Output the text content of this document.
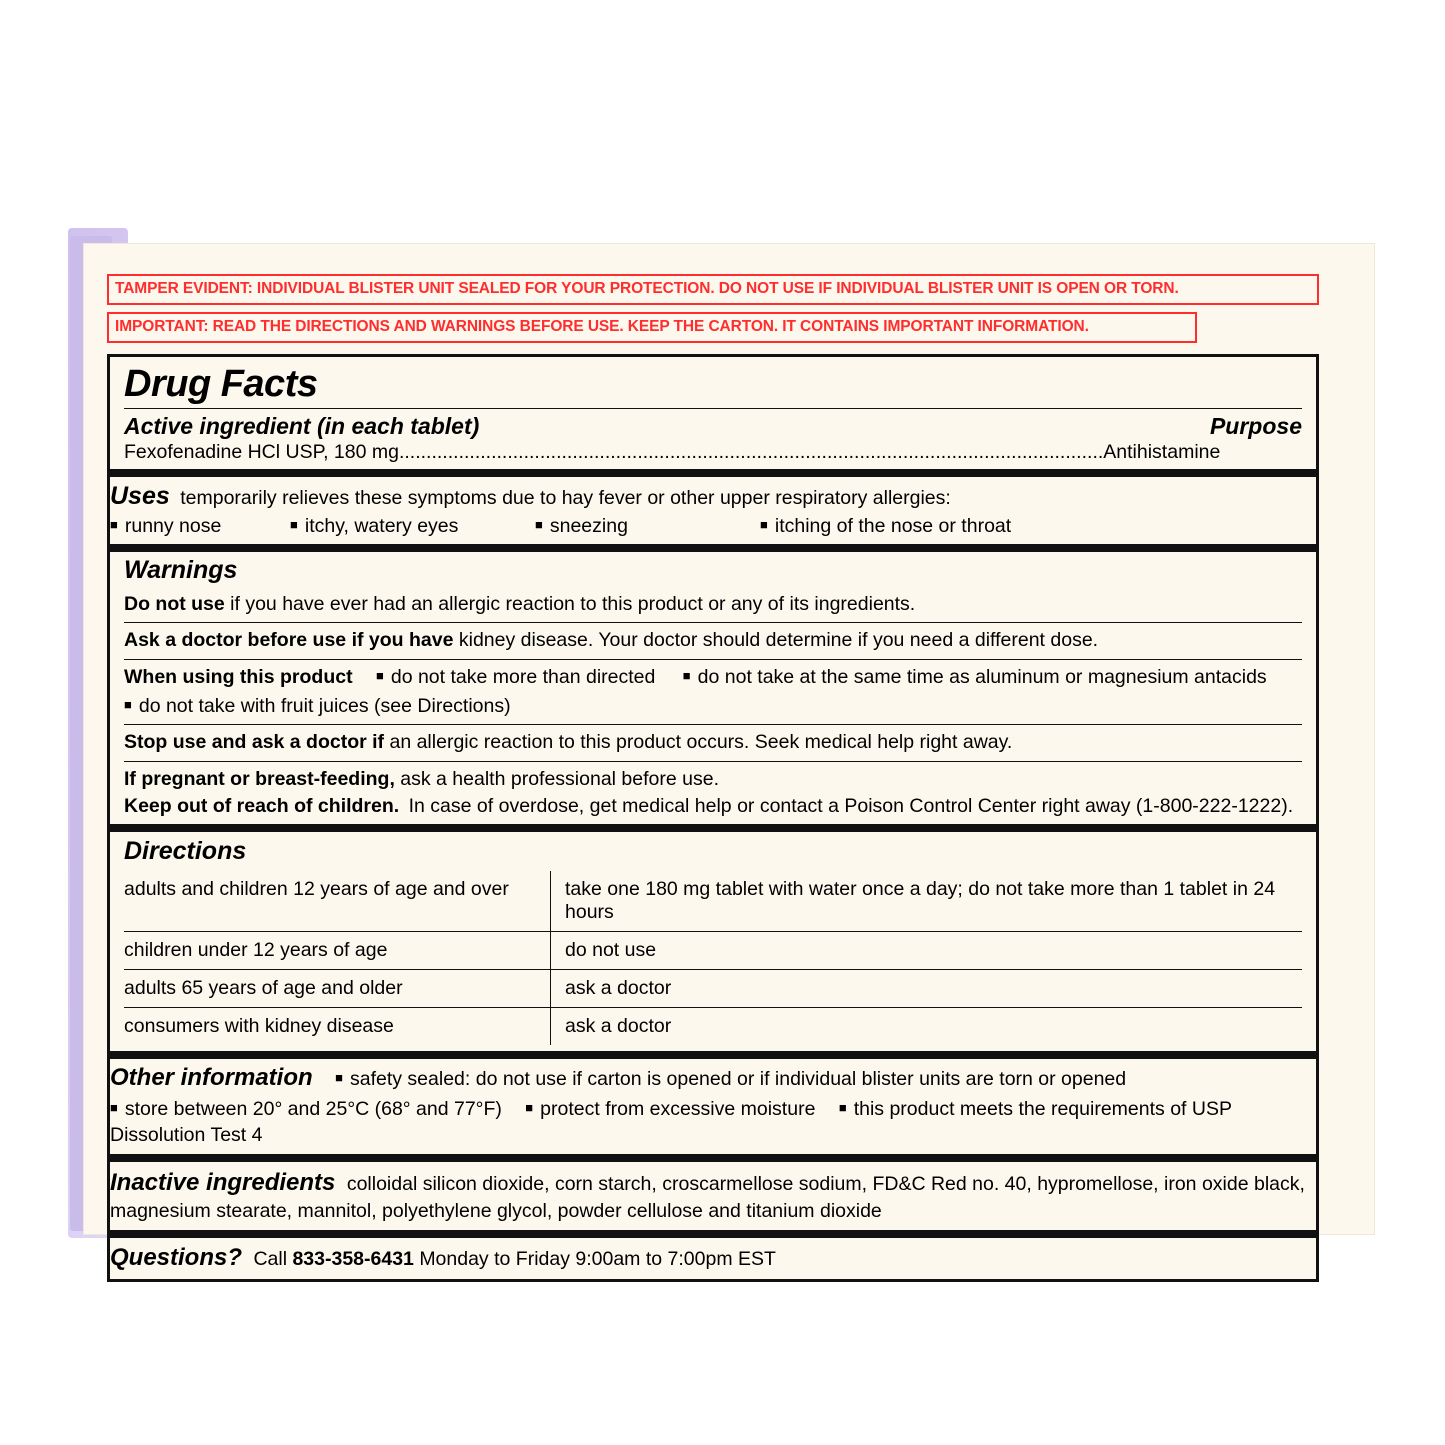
TAMPER EVIDENT: INDIVIDUAL BLISTER UNIT SEALED FOR YOUR PROTECTION. DO NOT USE IF INDIVIDUAL BLISTER UNIT IS OPEN OR TORN.
IMPORTANT: READ THE DIRECTIONS AND WARNINGS BEFORE USE. KEEP THE CARTON. IT CONTAINS IMPORTANT INFORMATION.
Drug Facts
Active ingredient (in each tablet)	Purpose
Fexofenadine HCl USP, 180 mg..................................................................................................................................Antihistamine
Uses temporarily relieves these symptoms due to hay fever or other upper respiratory allergies:
■ runny nose	■ itchy, watery eyes	■ sneezing	■ itching of the nose or throat
Warnings
Do not use if you have ever had an allergic reaction to this product or any of its ingredients.
Ask a doctor before use if you have kidney disease. Your doctor should determine if you need a different dose.
When using this product ■ do not take more than directed ■ do not take at the same time as aluminum or magnesium antacids
■ do not take with fruit juices (see Directions)
Stop use and ask a doctor if an allergic reaction to this product occurs. Seek medical help right away.
If pregnant or breast-feeding, ask a health professional before use.
Keep out of reach of children. In case of overdose, get medical help or contact a Poison Control Center right away (1-800-222-1222).
Directions
adults and children 12 years of age and over	take one 180 mg tablet with water once a day; do not take more than 1 tablet in 24 hours
children under 12 years of age	do not use
adults 65 years of age and older	ask a doctor
consumers with kidney disease	ask a doctor
Other information ■ safety sealed: do not use if carton is opened or if individual blister units are torn or opened
■ store between 20° and 25°C (68° and 77°F) ■ protect from excessive moisture ■ this product meets the requirements of USP Dissolution Test 4
Inactive ingredients colloidal silicon dioxide, corn starch, croscarmellose sodium, FD&C Red no. 40, hypromellose, iron oxide black, magnesium stearate, mannitol, polyethylene glycol, powder cellulose and titanium dioxide
Questions? Call 833-358-6431 Monday to Friday 9:00am to 7:00pm EST
